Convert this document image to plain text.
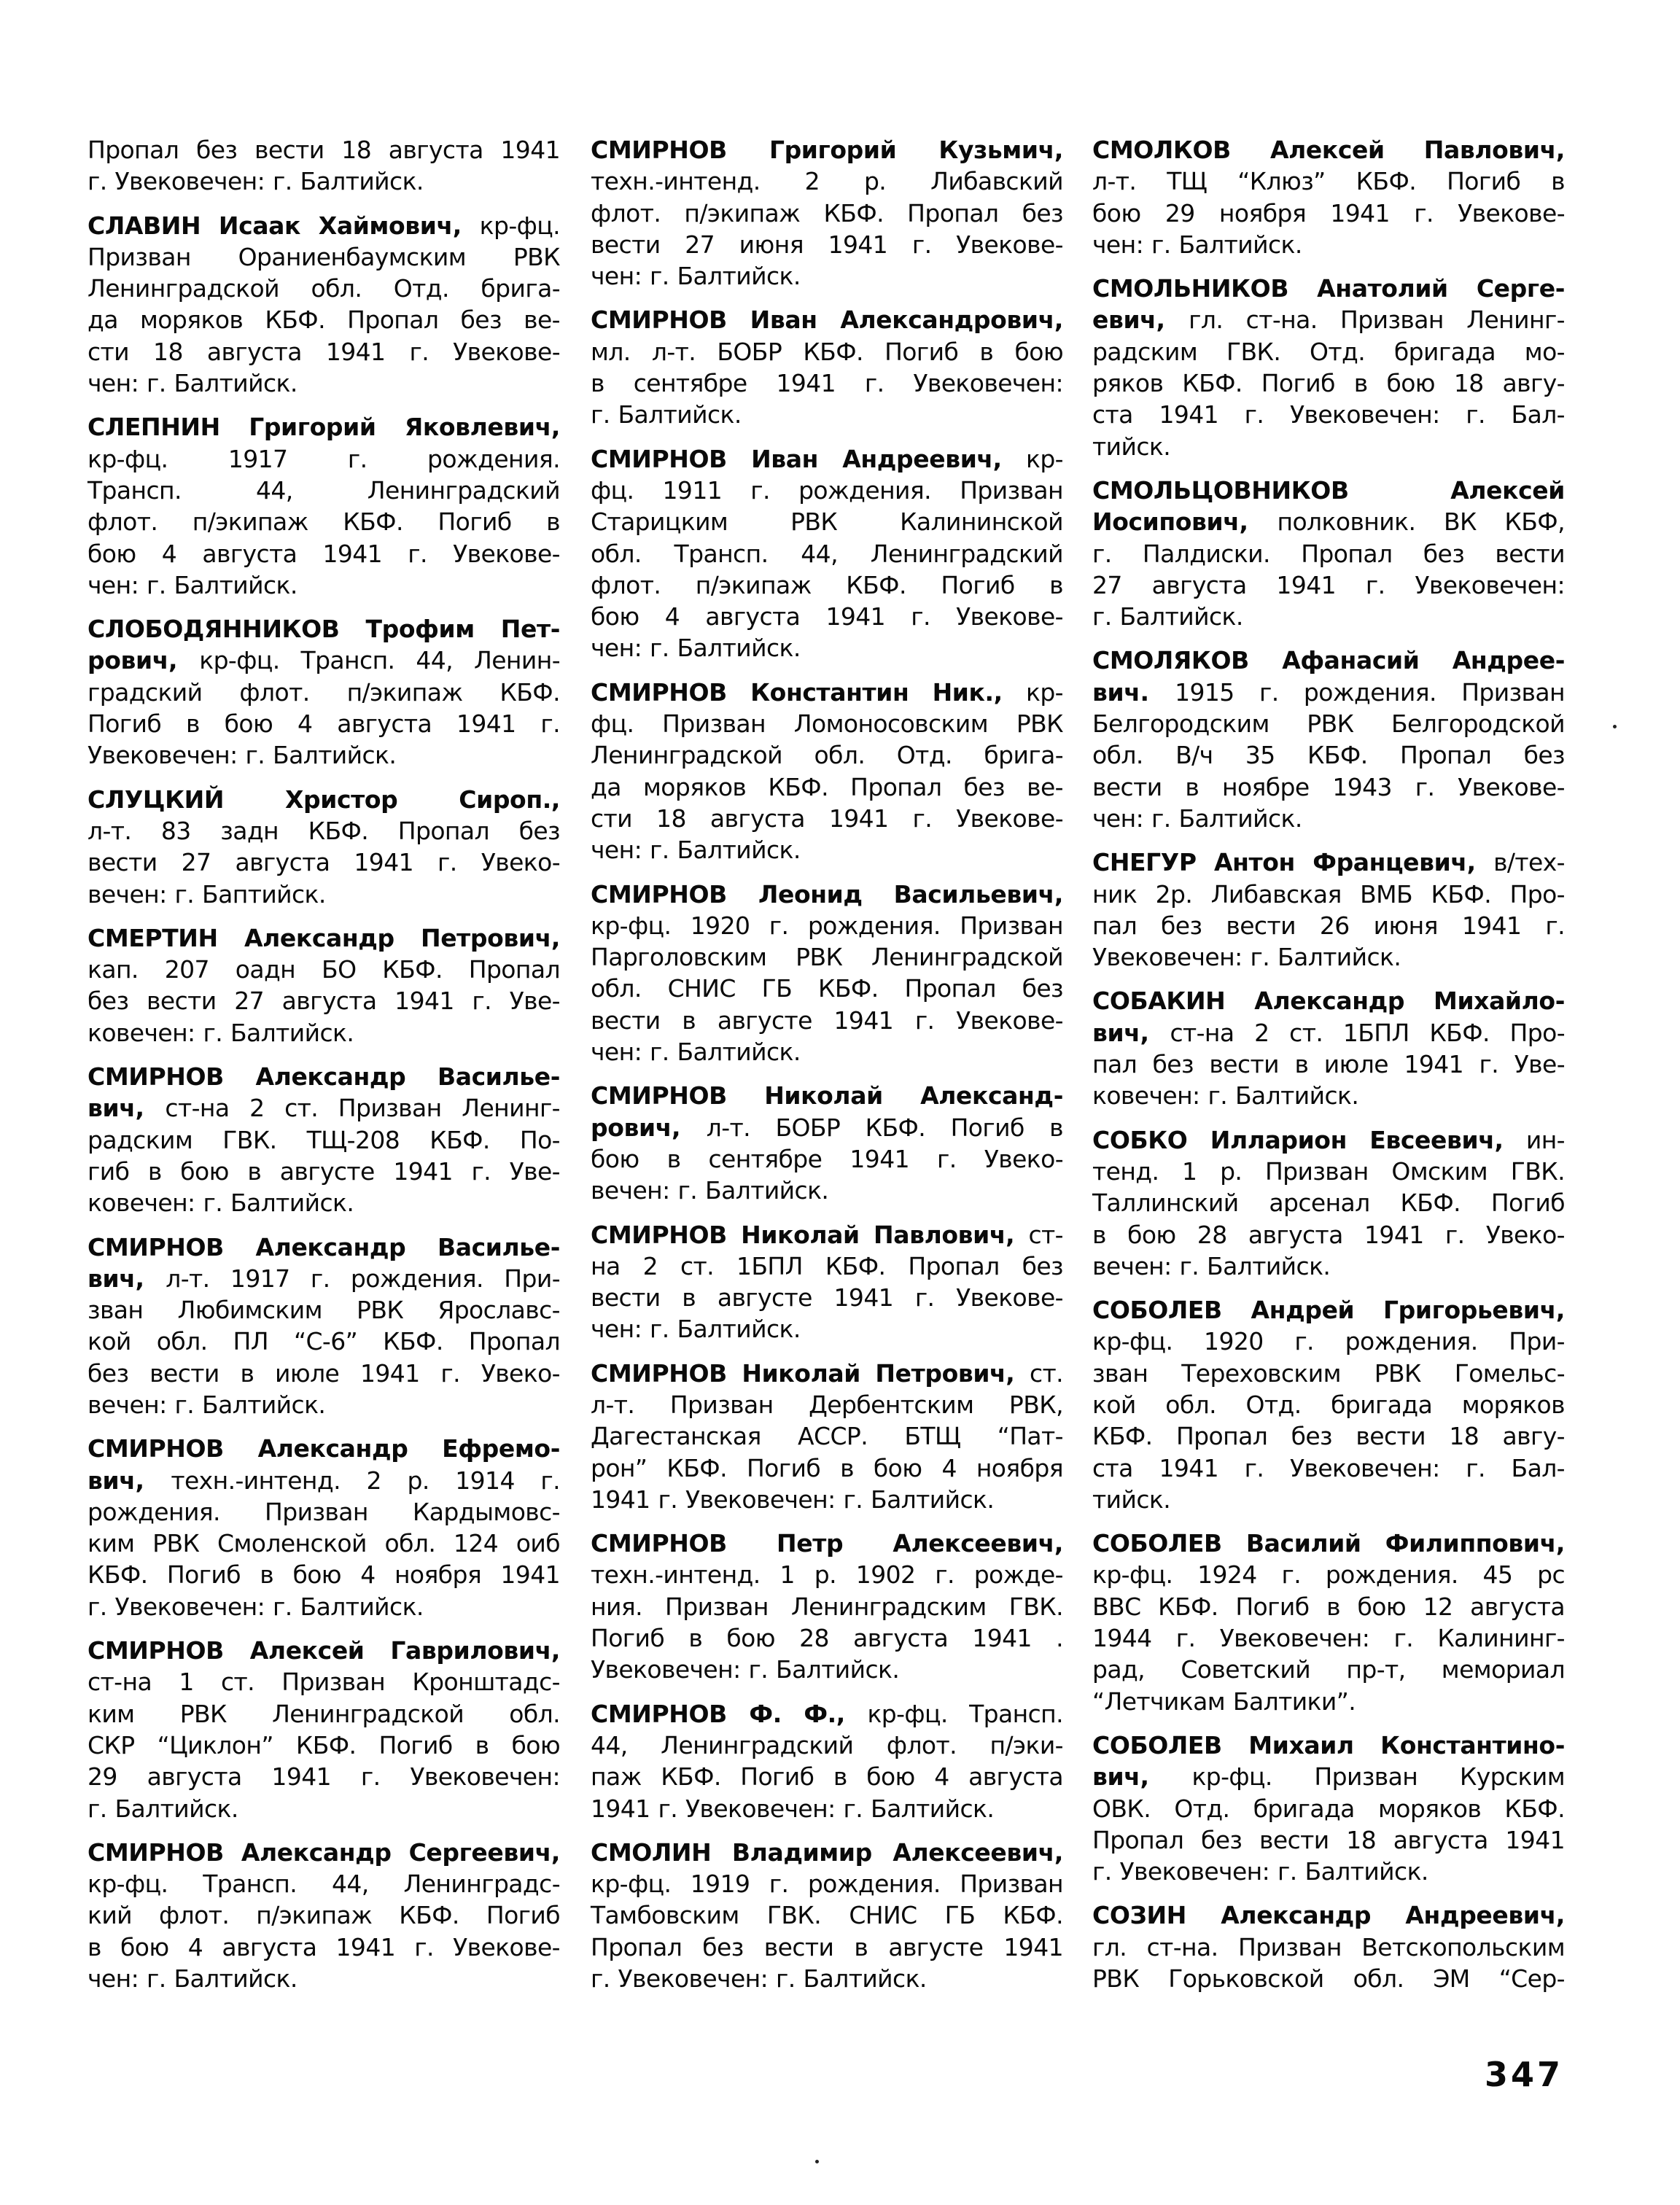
Пропал без вести 18 августа 1941
г. Увековечен: г. Балтийск.
СЛАВИН Исаак Хаймович, кр-фц.
Призван Ораниенбаумским РВК
Ленинградской обл. Отд. брига-
да моряков КБФ. Пропал без ве-
сти 18 августа 1941 г. Увекове-
чен: г. Балтийск.
СЛЕПНИН Григорий Яковлевич,
кр-фц. 1917 г. рождения.
Трансп. 44, Ленинградский
флот. п/экипаж КБФ. Погиб в
бою 4 августа 1941 г. Увекове-
чен: г. Балтийск.
СЛОБОДЯННИКОВ Трофим Пет-
рович, кр-фц. Трансп. 44, Ленин-
градский флот. п/экипаж КБФ.
Погиб в бою 4 августа 1941 г.
Увековечен: г. Балтийск.
СЛУЦКИЙ Христор Сироп.,
л-т. 83 задн КБФ. Пропал без
вести 27 августа 1941 г. Увеко-
вечен: г. Баптийск.
СМЕРТИН Александр Петрович,
кап. 207 оадн БО КБФ. Пропал
без вести 27 августа 1941 г. Уве-
ковечен: г. Балтийск.
СМИРНОВ Александр Василье-
вич, ст-на 2 ст. Призван Ленинг-
радским ГВК. ТЩ-208 КБФ. По-
гиб в бою в августе 1941 г. Уве-
ковечен: г. Балтийск.
СМИРНОВ Александр Василье-
вич, л-т. 1917 г. рождения. При-
зван Любимским РВК Ярославс-
кой обл. ПЛ “С-6” КБФ. Пропал
без вести в июле 1941 г. Увеко-
вечен: г. Балтийск.
СМИРНОВ Александр Ефремо-
вич, техн.-интенд. 2 р. 1914 г.
рождения. Призван Кардымовс-
ким РВК Смоленской обл. 124 оиб
КБФ. Погиб в бою 4 ноября 1941
г. Увековечен: г. Балтийск.
СМИРНОВ Алексей Гаврилович,
ст-на 1 ст. Призван Кронштадс-
ким РВК Ленинградской обл.
СКР “Циклон” КБФ. Погиб в бою
29 августа 1941 г. Увековечен:
г. Балтийск.
СМИРНОВ Александр Сергеевич,
кр-фц. Трансп. 44, Ленинградс-
кий флот. п/экипаж КБФ. Погиб
в бою 4 августа 1941 г. Увекове-
чен: г. Балтийск.
СМИРНОВ Григорий Кузьмич,
техн.-интенд. 2 р. Либавский
флот. п/экипаж КБФ. Пропал без
вести 27 июня 1941 г. Увекове-
чен: г. Балтийск.
СМИРНОВ Иван Александрович,
мл. л-т. БОБР КБФ. Погиб в бою
в сентябре 1941 г. Увековечен:
г. Балтийск.
СМИРНОВ Иван Андреевич, кр-
фц. 1911 г. рождения. Призван
Старицким РВК Калининской
обл. Трансп. 44, Ленинградский
флот. п/экипаж КБФ. Погиб в
бою 4 августа 1941 г. Увекове-
чен: г. Балтийск.
СМИРНОВ Константин Ник., кр-
фц. Призван Ломоносовским РВК
Ленинградской обл. Отд. брига-
да моряков КБФ. Пропал без ве-
сти 18 августа 1941 г. Увекове-
чен: г. Балтийск.
СМИРНОВ Леонид Васильевич,
кр-фц. 1920 г. рождения. Призван
Парголовским РВК Ленинградской
обл. СНИС ГБ КБФ. Пропал без
вести в августе 1941 г. Увекове-
чен: г. Балтийск.
СМИРНОВ Николай Александ-
рович, л-т. БОБР КБФ. Погиб в
бою в сентябре 1941 г. Увеко-
вечен: г. Балтийск.
СМИРНОВ Николай Павлович, ст-
на 2 ст. 1БПЛ КБФ. Пропал без
вести в августе 1941 г. Увекове-
чен: г. Балтийск.
СМИРНОВ Николай Петрович, ст.
л-т. Призван Дербентским РВК,
Дагестанская АССР. БТЩ “Пат-
рон” КБФ. Погиб в бою 4 ноября
1941 г. Увековечен: г. Балтийск.
СМИРНОВ Петр Алексеевич,
техн.-интенд. 1 р. 1902 г. рожде-
ния. Призван Ленинградским ГВК.
Погиб в бою 28 августа 1941 .
Увековечен: г. Балтийск.
СМИРНОВ Ф. Ф., кр-фц. Трансп.
44, Ленинградский флот. п/эки-
паж КБФ. Погиб в бою 4 августа
1941 г. Увековечен: г. Балтийск.
СМОЛИН Владимир Алексеевич,
кр-фц. 1919 г. рождения. Призван
Тамбовским ГВК. СНИС ГБ КБФ.
Пропал без вести в августе 1941
г. Увековечен: г. Балтийск.
СМОЛКОВ Алексей Павлович,
л-т. ТЩ “Клюз” КБФ. Погиб в
бою 29 ноября 1941 г. Увекове-
чен: г. Балтийск.
СМОЛЬНИКОВ Анатолий Серге-
евич, гл. ст-на. Призван Ленинг-
радским ГВК. Отд. бригада мо-
ряков КБФ. Погиб в бою 18 авгу-
ста 1941 г. Увековечен: г. Бал-
тийск.
СМОЛЬЦОВНИКОВ Алексей
Иосипович, полковник. ВК КБФ,
г. Палдиски. Пропал без вести
27 августа 1941 г. Увековечен:
г. Балтийск.
СМОЛЯКОВ Афанасий Андрее-
вич. 1915 г. рождения. Призван
Белгородским РВК Белгородской
обл. В/ч 35 КБФ. Пропал без
вести в ноябре 1943 г. Увекове-
чен: г. Балтийск.
СНЕГУР Антон Францевич, в/тех-
ник 2р. Либавская ВМБ КБФ. Про-
пал без вести 26 июня 1941 г.
Увековечен: г. Балтийск.
СОБАКИН Александр Михайло-
вич, ст-на 2 ст. 1БПЛ КБФ. Про-
пал без вести в июле 1941 г. Уве-
ковечен: г. Балтийск.
СОБКО Илларион Евсеевич, ин-
тенд. 1 р. Призван Омским ГВК.
Таллинский арсенал КБФ. Погиб
в бою 28 августа 1941 г. Увеко-
вечен: г. Балтийск.
СОБОЛЕВ Андрей Григорьевич,
кр-фц. 1920 г. рождения. При-
зван Тереховским РВК Гомельс-
кой обл. Отд. бригада моряков
КБФ. Пропал без вести 18 авгу-
ста 1941 г. Увековечен: г. Бал-
тийск.
СОБОЛЕВ Василий Филиппович,
кр-фц. 1924 г. рождения. 45 рс
ВВС КБФ. Погиб в бою 12 августа
1944 г. Увековечен: г. Калининг-
рад, Советский пр-т, мемориал
“Летчикам Балтики”.
СОБОЛЕВ Михаил Константино-
вич, кр-фц. Призван Курским
ОВК. Отд. бригада моряков КБФ.
Пропал без вести 18 августа 1941
г. Увековечен: г. Балтийск.
СОЗИН Александр Андреевич,
гл. ст-на. Призван Ветскопольским
РВК Горьковской обл. ЭМ “Сер-
347
